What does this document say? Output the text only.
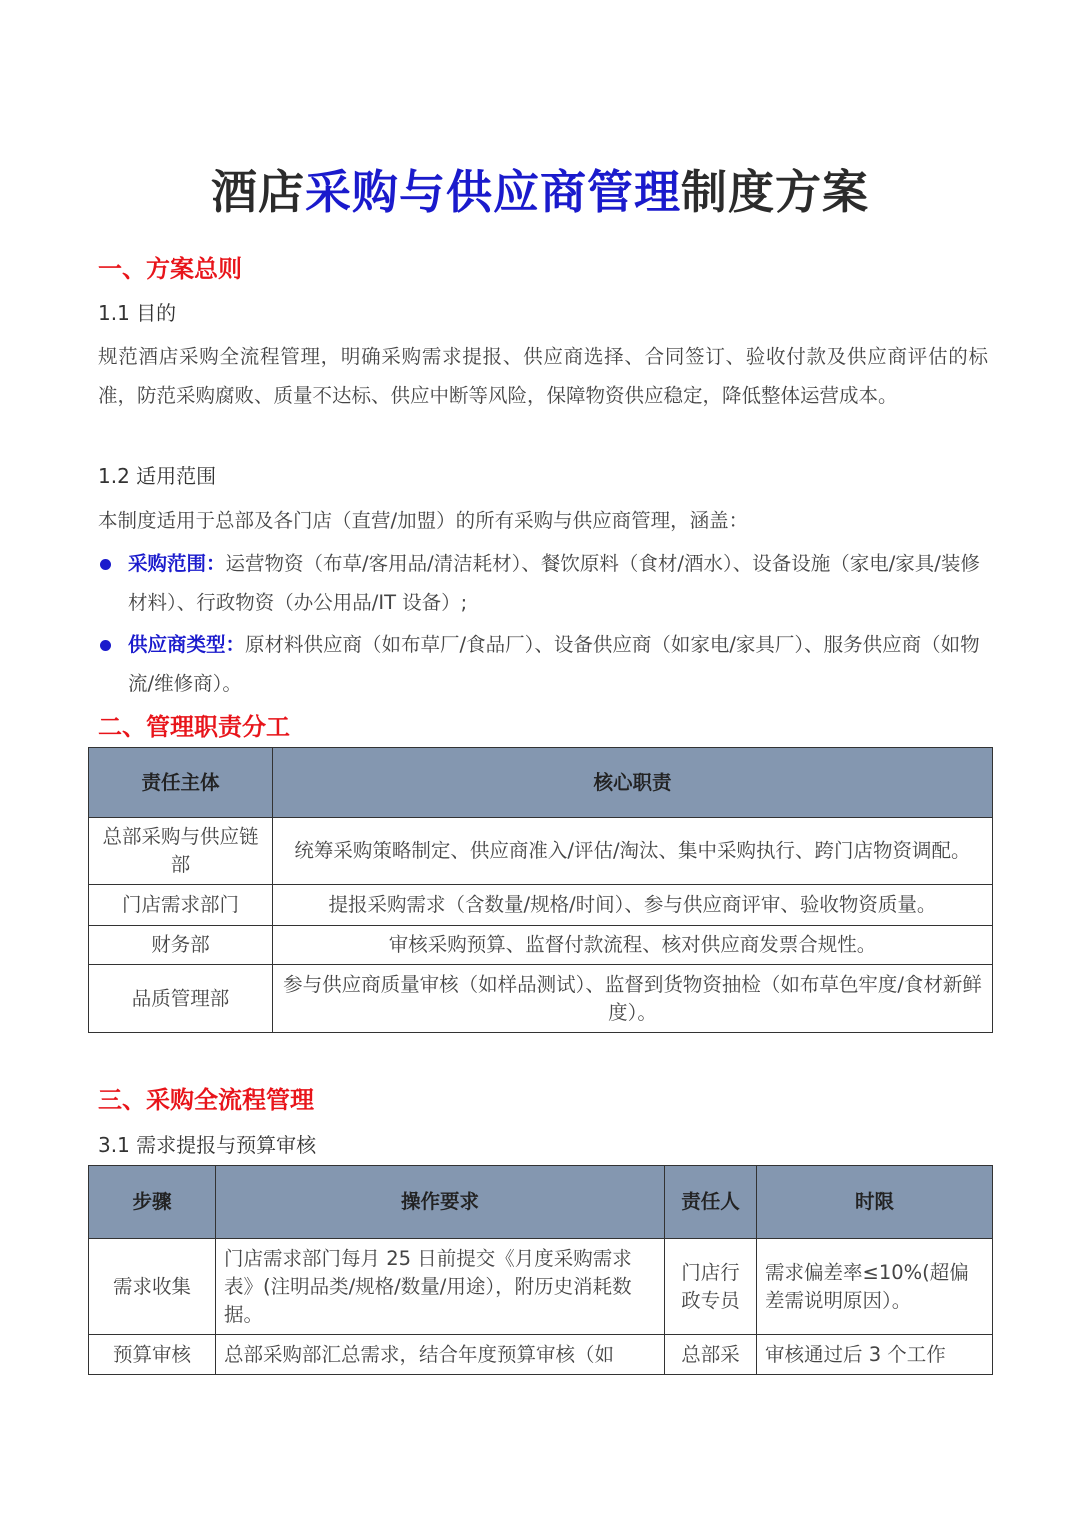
酒店采购与供应商管理制度方案
一、方案总则
1.1 目的
规范酒店采购全流程管理，明确采购需求提报、供应商选择、合同签订、验收付款及供应商评估的标准，防范采购腐败、质量不达标、供应中断等风险，保障物资供应稳定，降低整体运营成本。
1.2 适用范围
本制度适用于总部及各门店（直营/加盟）的所有采购与供应商管理，涵盖：
采购范围：运营物资（布草/客用品/清洁耗材）、餐饮原料（食材/酒水）、设备设施（家电/家具/装修材料）、行政物资（办公用品/IT 设备）;
供应商类型：原材料供应商（如布草厂/食品厂）、设备供应商（如家电/家具厂）、服务供应商（如物流/维修商）。
二、管理职责分工
责任主体	核心职责
总部采购与供应链部	统筹采购策略制定、供应商准入/评估/淘汰、集中采购执行、跨门店物资调配。
门店需求部门	提报采购需求（含数量/规格/时间）、参与供应商评审、验收物资质量。
财务部	审核采购预算、监督付款流程、核对供应商发票合规性。
品质管理部	参与供应商质量审核（如样品测试）、监督到货物资抽检（如布草色牢度/食材新鲜度）。
三、采购全流程管理
3.1 需求提报与预算审核
步骤	操作要求	责任人	时限
需求收集	门店需求部门每月 25 日前提交《月度采购需求表》(注明品类/规格/数量/用途），附历史消耗数据。	门店行政专员	需求偏差率≤10%(超偏差需说明原因）。
预算审核	总部采购部汇总需求，结合年度预算审核（如	总部采	审核通过后 3 个工作
